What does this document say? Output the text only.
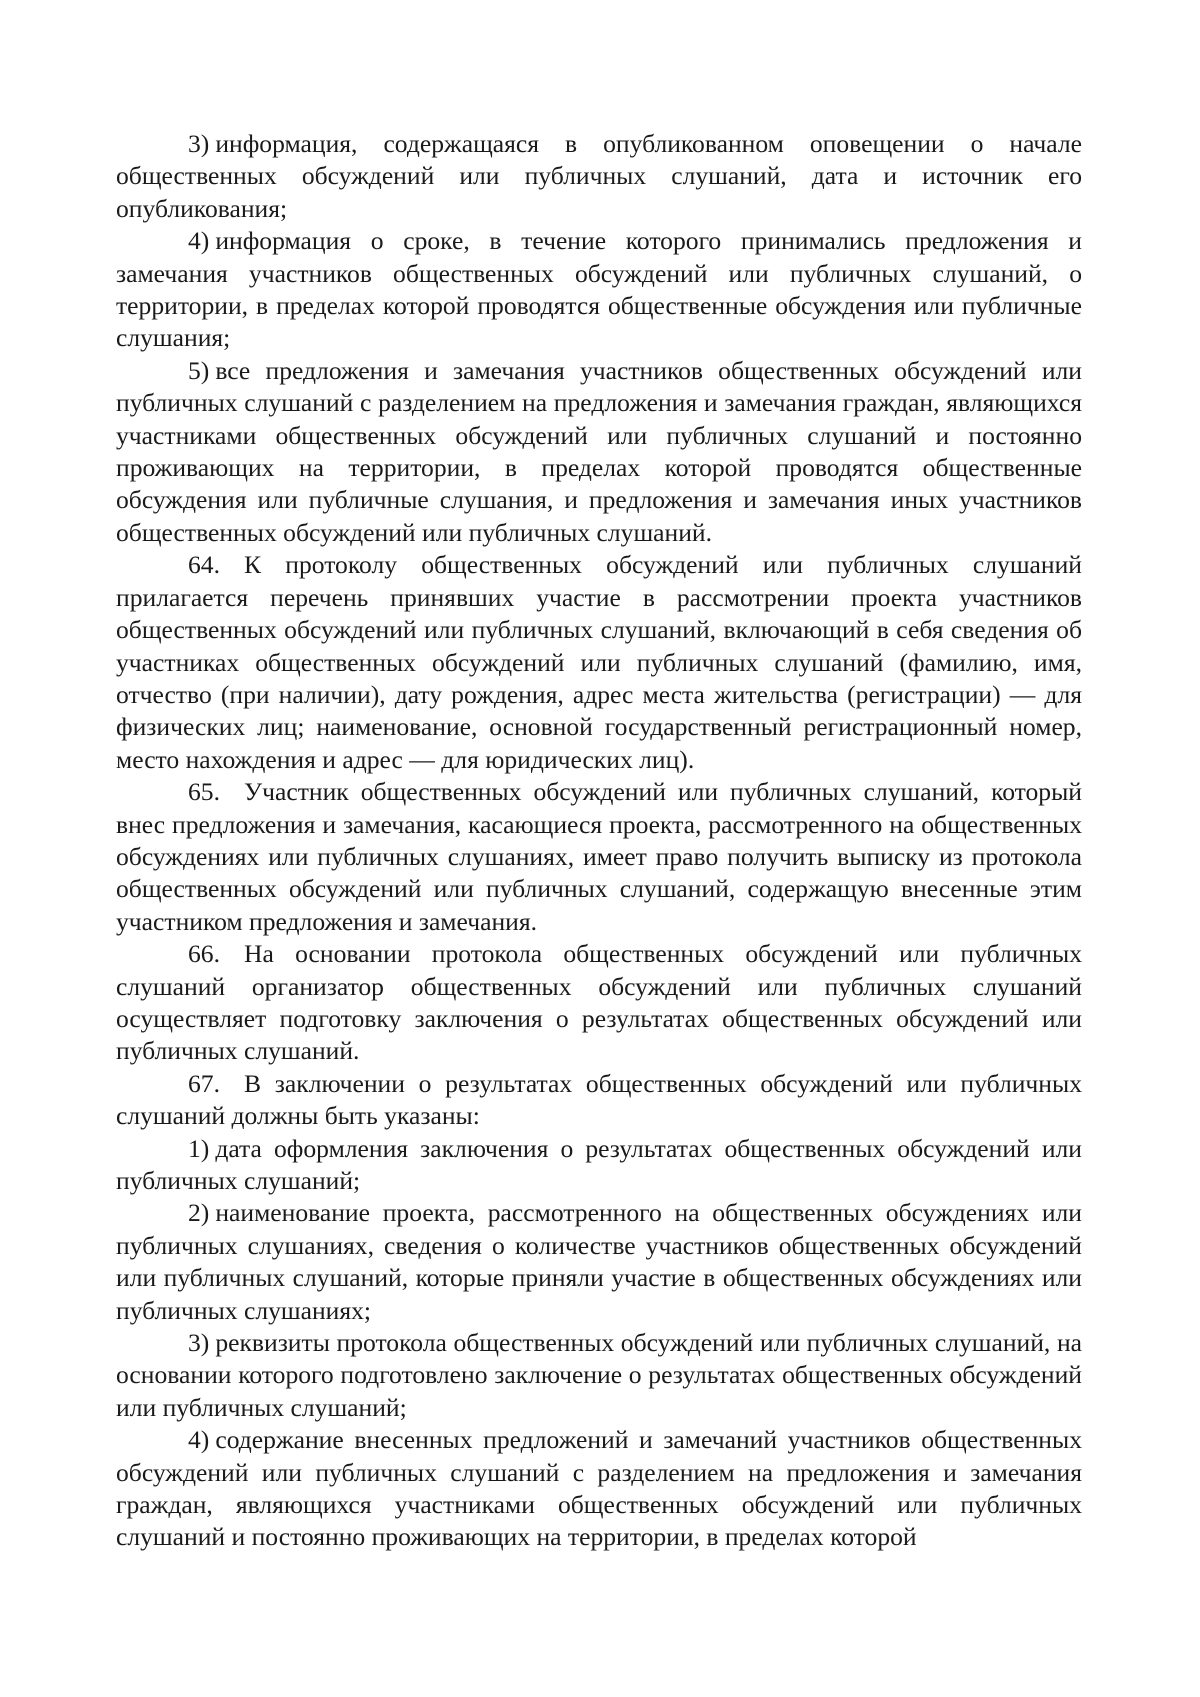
3) информация, содержащаяся в опубликованном оповещении о начале общественных обсуждений или публичных слушаний, дата и источник его опубликования;

4) информация о сроке, в течение которого принимались предложения и замечания участников общественных обсуждений или публичных слушаний, о территории, в пределах которой проводятся общественные обсуждения или публичные слушания;

5) все предложения и замечания участников общественных обсуждений или публичных слушаний с разделением на предложения и замечания граждан, являющихся участниками общественных обсуждений или публичных слушаний и постоянно проживающих на территории, в пределах которой проводятся общественные обсуждения или публичные слушания, и предложения и замечания иных участников общественных обсуждений или публичных слушаний.

64. К протоколу общественных обсуждений или публичных слушаний прилагается перечень принявших участие в рассмотрении проекта участников общественных обсуждений или публичных слушаний, включающий в себя сведения об участниках общественных обсуждений или публичных слушаний (фамилию, имя, отчество (при наличии), дату рождения, адрес места жительства (регистрации) — для физических лиц; наименование, основной государственный регистрационный номер, место нахождения и адрес — для юридических лиц).

65. Участник общественных обсуждений или публичных слушаний, который внес предложения и замечания, касающиеся проекта, рассмотренного на общественных обсуждениях или публичных слушаниях, имеет право получить выписку из протокола общественных обсуждений или публичных слушаний, содержащую внесенные этим участником предложения и замечания.

66. На основании протокола общественных обсуждений или публичных слушаний организатор общественных обсуждений или публичных слушаний осуществляет подготовку заключения о результатах общественных обсуждений или публичных слушаний.

67. В заключении о результатах общественных обсуждений или публичных слушаний должны быть указаны:

1) дата оформления заключения о результатах общественных обсуждений или публичных слушаний;

2) наименование проекта, рассмотренного на общественных обсуждениях или публичных слушаниях, сведения о количестве участников общественных обсуждений или публичных слушаний, которые приняли участие в общественных обсуждениях или публичных слушаниях;

3) реквизиты протокола общественных обсуждений или публичных слушаний, на основании которого подготовлено заключение о результатах общественных обсуждений или публичных слушаний;

4) содержание внесенных предложений и замечаний участников общественных обсуждений или публичных слушаний с разделением на предложения и замечания граждан, являющихся участниками общественных обсуждений или публичных слушаний и постоянно проживающих на территории, в пределах которой
